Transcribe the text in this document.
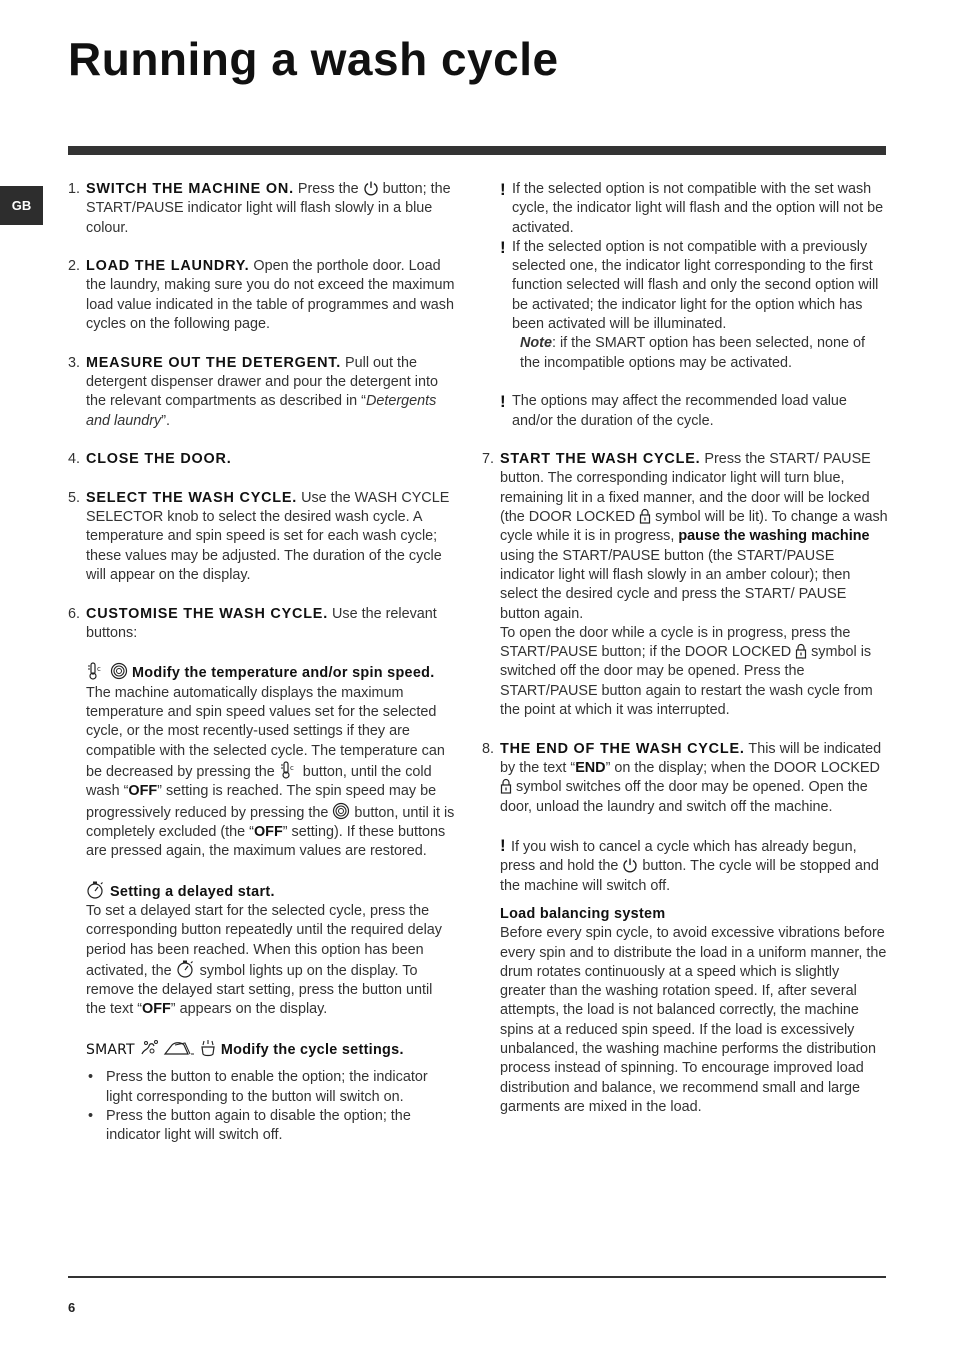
Running a wash cycle
GB
1. SWITCH THE MACHINE ON. Press the  button; the START/PAUSE indicator light will flash slowly in a blue colour.
2. LOAD THE LAUNDRY. Open the porthole door. Load the laundry, making sure you do not exceed the maximum load value indicated in the table of programmes and wash cycles on the following page.
3. MEASURE OUT THE DETERGENT. Pull out the detergent dispenser drawer and pour the detergent into the relevant compartments as described in “Detergents and laundry”.
4. CLOSE THE DOOR.
5. SELECT THE WASH CYCLE. Use the WASH CYCLE SELECTOR knob to select the desired wash cycle. A temperature and spin speed is set for each wash cycle; these values may be adjusted. The duration of the cycle will appear on the display.
6. CUSTOMISE THE WASH CYCLE. Use the relevant buttons:

c Modify the temperature and/or spin speed. The machine automatically displays the maximum temperature and spin speed values set for the selected cycle, or the most recently-used settings if they are compatible with the selected cycle. The temperature can be decreased by pressing the c button, until the cold wash “OFF” setting is reached. The spin speed may be progressively reduced by pressing the  button, until it is completely excluded (the “OFF” setting). If these buttons are pressed again, the maximum values are restored.

Setting a delayed start.

To set a delayed start for the selected cycle, press the corresponding button repeatedly until the required delay period has been reached. When this option has been activated, the  symbol lights up on the display. To remove the delayed start setting, press the button until the text “OFF” appears on the display.

SMART	Modify the cycle settings.

• Press the button to enable the option; the indicator light corresponding to the button will switch on.
• Press the button again to disable the option; the indicator light will switch off.
! If the selected option is not compatible with the set wash cycle, the indicator light will flash and the option will not be activated.
! If the selected option is not compatible with a previously selected one, the indicator light corresponding to the first function selected will flash and only the second option will be activated; the indicator light for the option which has been activated will be illuminated.

Note: if the SMART option has been selected, none of the incompatible options may be activated.

! The options may affect the recommended load value and/or the duration of the cycle.
7. START THE WASH CYCLE. Press the START/ PAUSE button. The corresponding indicator light will turn blue, remaining lit in a fixed manner, and the door will be locked (the DOOR LOCKED  symbol will be lit). To change a wash cycle while it is in progress, pause the washing machine using the START/PAUSE button (the START/PAUSE indicator light will flash slowly in an amber colour); then select the desired cycle and press the START/ PAUSE button again.

To open the door while a cycle is in progress, press the START/PAUSE button; if the DOOR LOCKED  symbol is switched off the door may be opened. Press the START/PAUSE button again to restart the wash cycle from the point at which it was interrupted.

8. THE END OF THE WASH CYCLE. This will be indicated by the text “END” on the display; when the DOOR LOCKED  symbol switches off the door may be opened. Open the door, unload the laundry and switch off the machine.

! If you wish to cancel a cycle which has already begun, press and hold the  button. The cycle will be stopped and the machine will switch off.

Load balancing system

Before every spin cycle, to avoid excessive vibrations before every spin and to distribute the load in a uniform manner, the drum rotates continuously at a speed which is slightly greater than the washing rotation speed. If, after several attempts, the load is not balanced correctly, the machine spins at a reduced spin speed. If the load is excessively unbalanced, the washing machine performs the distribution process instead of spinning. To encourage improved load distribution and balance, we recommend small and large garments are mixed in the load.

6
